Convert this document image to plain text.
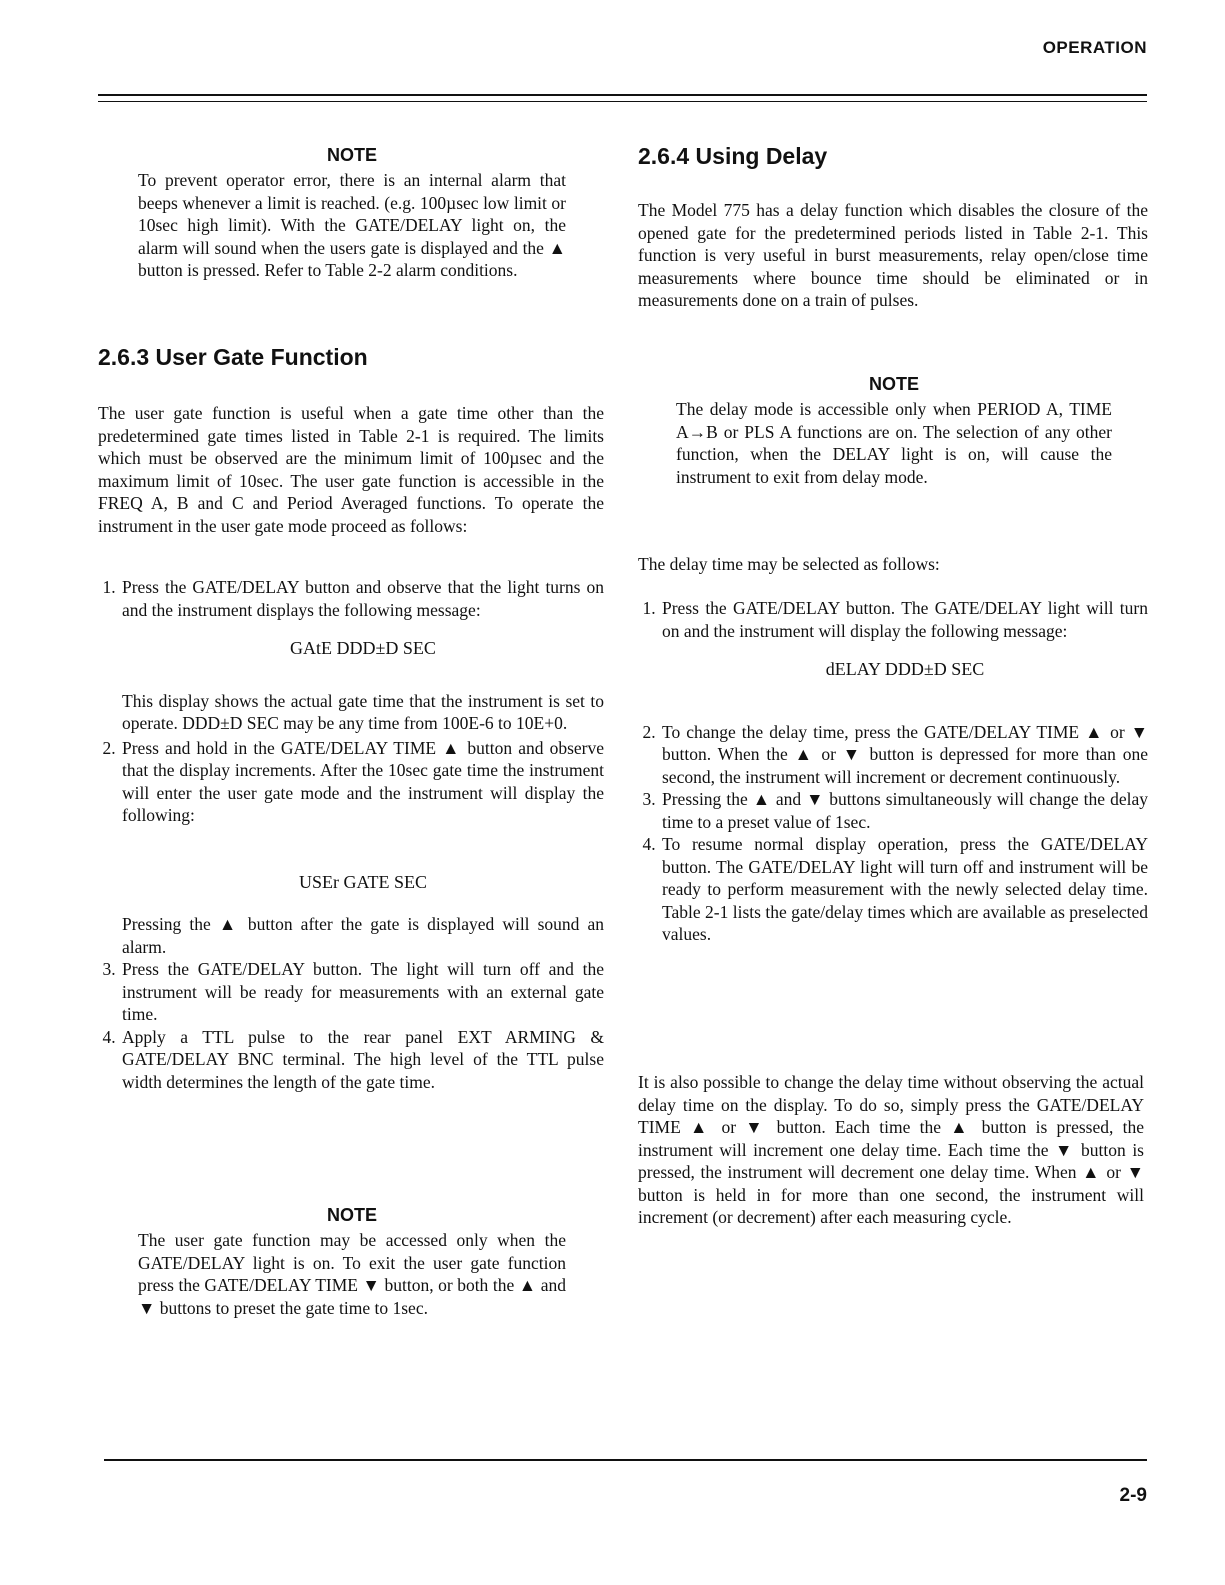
OPERATION
NOTE

To prevent operator error, there is an internal alarm that beeps whenever a limit is reached. (e.g. 100µsec low limit or 10sec high limit). With the GATE/DELAY light on, the alarm will sound when the users gate is displayed and the ▲ button is pressed. Refer to Table 2-2 alarm conditions.

2.6.3 User Gate Function

The user gate function is useful when a gate time other than the predetermined gate times listed in Table 2-1 is required. The limits which must be observed are the minimum limit of 100µsec and the maximum limit of 10sec. The user gate function is accessible in the FREQ A, B and C and Period Averaged functions. To operate the instrument in the user gate mode proceed as follows:

1. Press the GATE/DELAY button and observe that the light turns on and the instrument displays the following message:
GAtE DDD±D SEC
This display shows the actual gate time that the instrument is set to operate. DDD±D SEC may be any time from 100E-6 to 10E+0.
2. Press and hold in the GATE/DELAY TIME ▲ button and observe that the display increments. After the 10sec gate time the instrument will enter the user gate mode and the instrument will display the following:
USEr GATE SEC
Pressing the ▲ button after the gate is displayed will sound an alarm.
3. Press the GATE/DELAY button. The light will turn off and the instrument will be ready for measurements with an external gate time.
4. Apply a TTL pulse to the rear panel EXT ARMING & GATE/DELAY BNC terminal. The high level of the TTL pulse width determines the length of the gate time.
NOTE

The user gate function may be accessed only when the GATE/DELAY light is on. To exit the user gate function press the GATE/DELAY TIME ▼ button, or both the ▲ and ▼ buttons to preset the gate time to 1sec.

2.6.4 Using Delay

The Model 775 has a delay function which disables the closure of the opened gate for the predetermined periods listed in Table 2-1. This function is very useful in burst measurements, relay open/close time measurements where bounce time should be eliminated or in measurements done on a train of pulses.

NOTE

The delay mode is accessible only when PERIOD A, TIME A→B or PLS A functions are on. The selection of any other function, when the DELAY light is on, will cause the instrument to exit from delay mode.

The delay time may be selected as follows:

1. Press the GATE/DELAY button. The GATE/DELAY light will turn on and the instrument will display the following message:
dELAY DDD±D SEC
2. To change the delay time, press the GATE/DELAY TIME ▲ or ▼ button. When the ▲ or ▼ button is depressed for more than one second, the instrument will increment or decrement continuously.
3. Pressing the ▲ and ▼ buttons simultaneously will change the delay time to a preset value of 1sec.
4. To resume normal display operation, press the GATE/DELAY button. The GATE/DELAY light will turn off and instrument will be ready to perform measurement with the newly selected delay time. Table 2-1 lists the gate/delay times which are available as preselected values.

It is also possible to change the delay time without observing the actual delay time on the display. To do so, simply press the GATE/DELAY TIME ▲ or ▼ button. Each time the ▲ button is pressed, the instrument will increment one delay time. Each time the ▼ button is pressed, the instrument will decrement one delay time. When ▲ or ▼ button is held in for more than one second, the instrument will increment (or decrement) after each measuring cycle.

2-9
